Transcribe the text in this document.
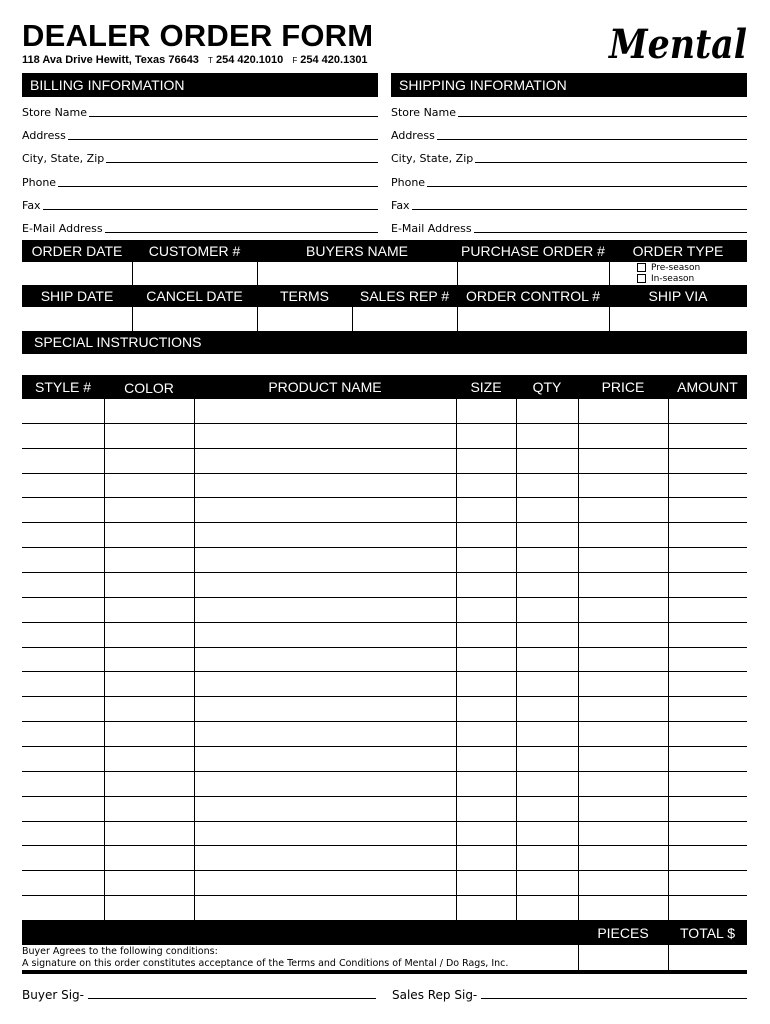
DEALER ORDER FORM
118 Ava Drive Hewitt, Texas 76643 T 254 420.1010 F 254 420.1301	Mental
BILLING INFORMATION
Store Name
Address
City, State, Zip
Phone
Fax
E-Mail Address
SHIPPING INFORMATION
Store Name
Address
City, State, Zip
Phone
Fax
E-Mail Address
ORDER DATE	CUSTOMER #	BUYERS NAME	PURCHASE ORDER #	ORDER TYPE
Pre-season
In-season
SHIP DATE	CANCEL DATE	TERMS	SALES REP #	ORDER CONTROL #	SHIP VIA
SPECIAL INSTRUCTIONS
STYLE #	COLOR	PRODUCT NAME	SIZE	QTY	PRICE	AMOUNT
PIECES	TOTAL $
Buyer Agrees to the following conditions:
A signature on this order constitutes acceptance of the Terms and Conditions of Mental / Do Rags, Inc.
Buyer Sig-	Sales Rep Sig-
